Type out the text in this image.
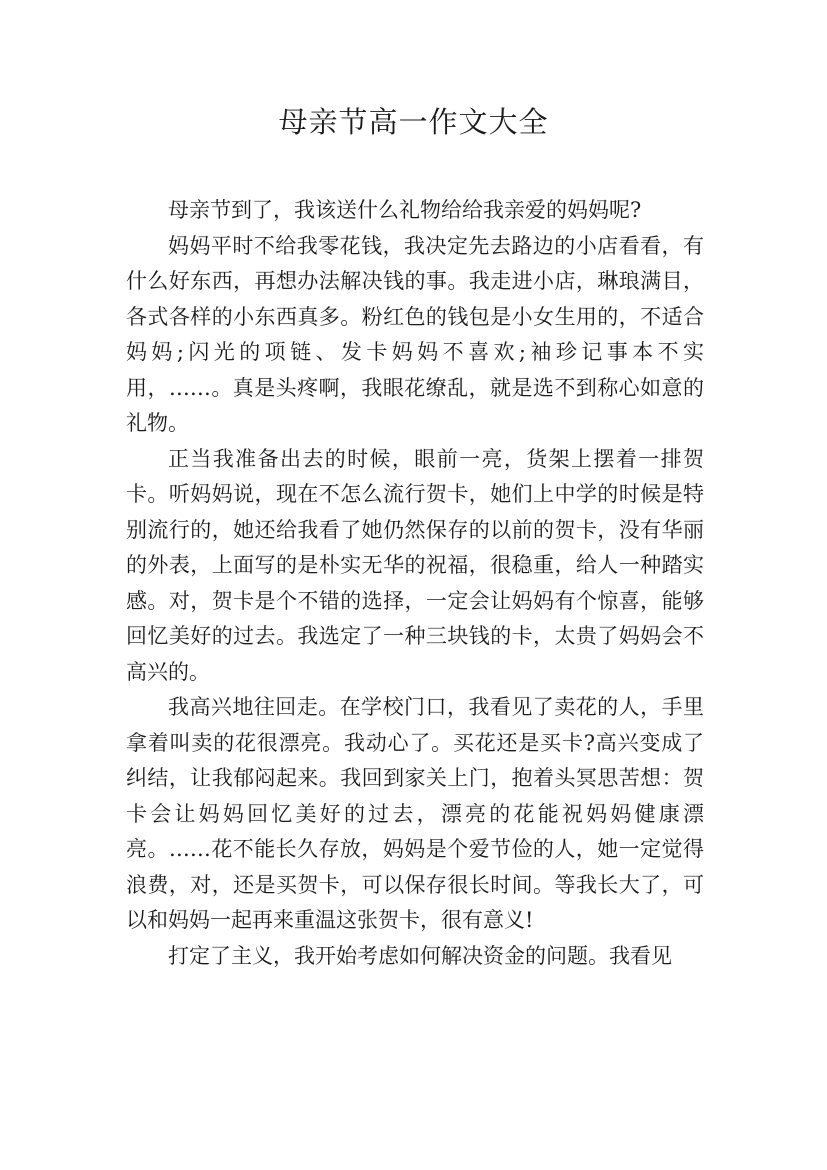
母亲节高一作文大全

母亲节到了，我该送什么礼物给给我亲爱的妈妈呢?

妈妈平时不给我零花钱，我决定先去路边的小店看看，有什么好东西，再想办法解决钱的事。我走进小店，琳琅满目，各式各样的小东西真多。粉红色的钱包是小女生用的，不适合妈妈;闪光的项链、发卡妈妈不喜欢;袖珍记事本不实用，……。真是头疼啊，我眼花缭乱，就是选不到称心如意的礼物。

正当我准备出去的时候，眼前一亮，货架上摆着一排贺卡。听妈妈说，现在不怎么流行贺卡，她们上中学的时候是特别流行的，她还给我看了她仍然保存的以前的贺卡，没有华丽的外表，上面写的是朴实无华的祝福，很稳重，给人一种踏实感。对，贺卡是个不错的选择，一定会让妈妈有个惊喜，能够回忆美好的过去。我选定了一种三块钱的卡，太贵了妈妈会不高兴的。

我高兴地往回走。在学校门口，我看见了卖花的人，手里拿着叫卖的花很漂亮。我动心了。买花还是买卡?高兴变成了纠结，让我郁闷起来。我回到家关上门，抱着头冥思苦想：贺卡会让妈妈回忆美好的过去，漂亮的花能祝妈妈健康漂亮。……花不能长久存放，妈妈是个爱节俭的人，她一定觉得浪费，对，还是买贺卡，可以保存很长时间。等我长大了，可以和妈妈一起再来重温这张贺卡，很有意义!

打定了主义，我开始考虑如何解决资金的问题。我看见
